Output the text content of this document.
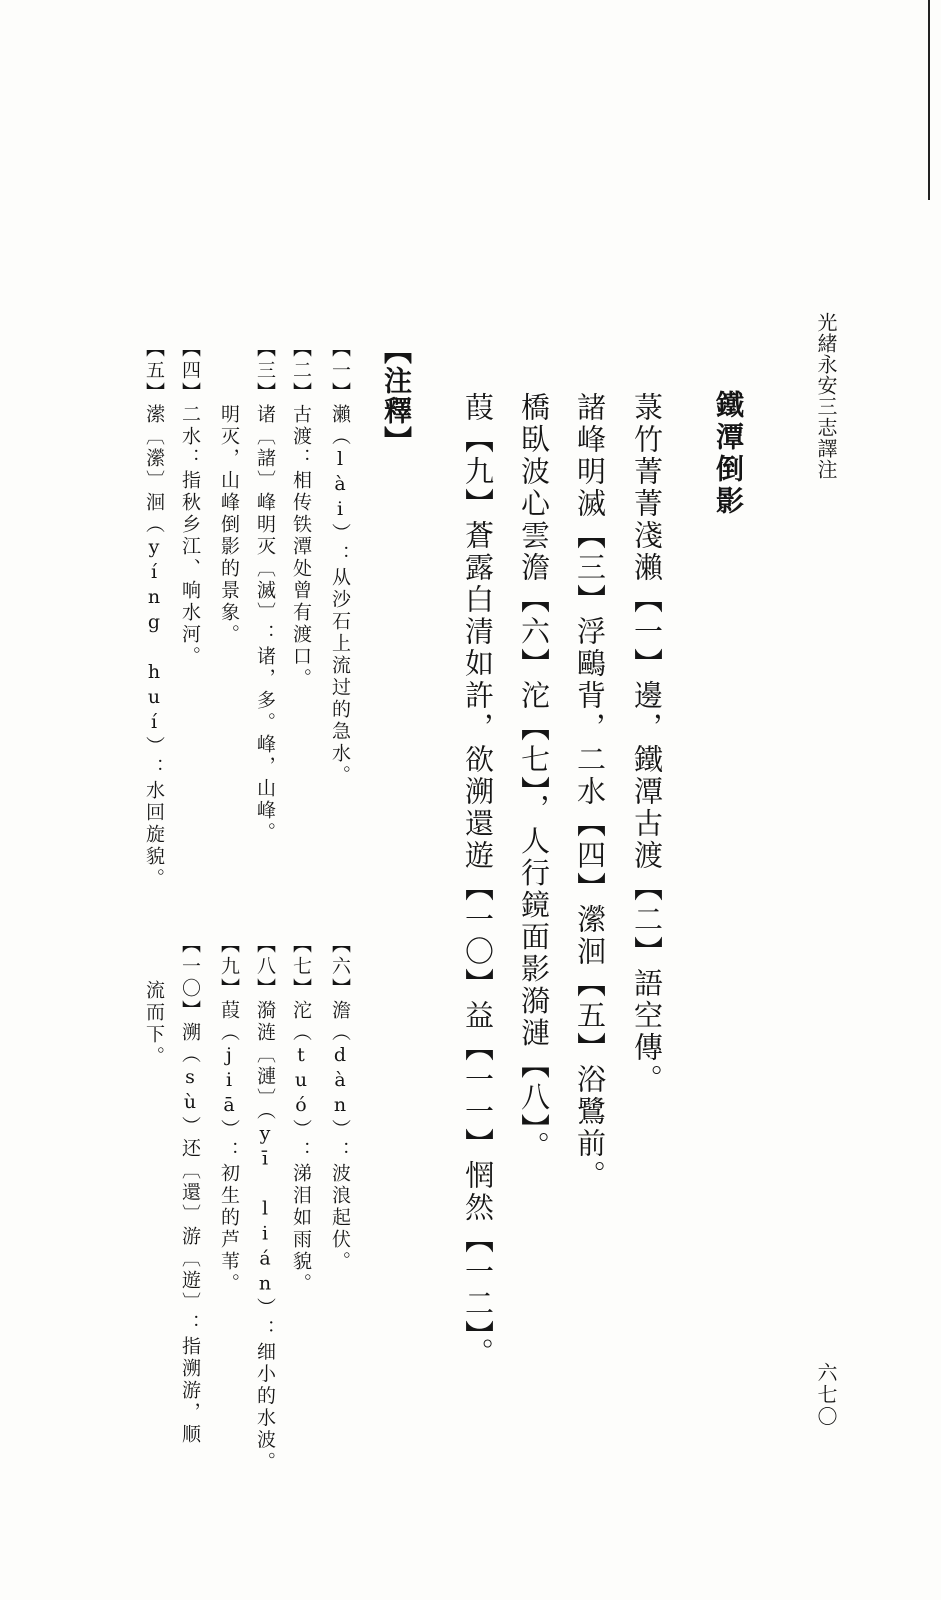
光緒永安三志譯注
六七〇
鐵潭倒影
菉竹菁菁淺瀨【一】邊，鐵潭古渡【二】語空傳。
諸峰明滅【三】浮鷗背，二水【四】瀠洄【五】浴鷺前。
橋臥波心雲澹【六】沱【七】，人行鏡面影漪漣【八】。
葭【九】蒼露白清如許，欲溯還遊【一〇】益【一一】惘然【一二】。
【注釋】
【一】瀨（lài）：从沙石上流过的急水。
【二】古渡：相传铁潭处曾有渡口。
【三】诸〔諸〕峰明灭〔滅〕：诸，多。峰，山峰。
明灭，山峰倒影的景象。
【四】二水：指秋乡江、响水河。
【五】潆〔瀠〕洄（yíng huí）：水回旋貌。
【六】澹（dàn）：波浪起伏。
【七】沱（tuó）：涕泪如雨貌。
【八】漪涟〔漣〕（yī lián）：细小的水波。
【九】葭（jiā）：初生的芦苇。
【一〇】溯（sù）还〔還〕游〔遊〕：指溯游，顺
流而下。
